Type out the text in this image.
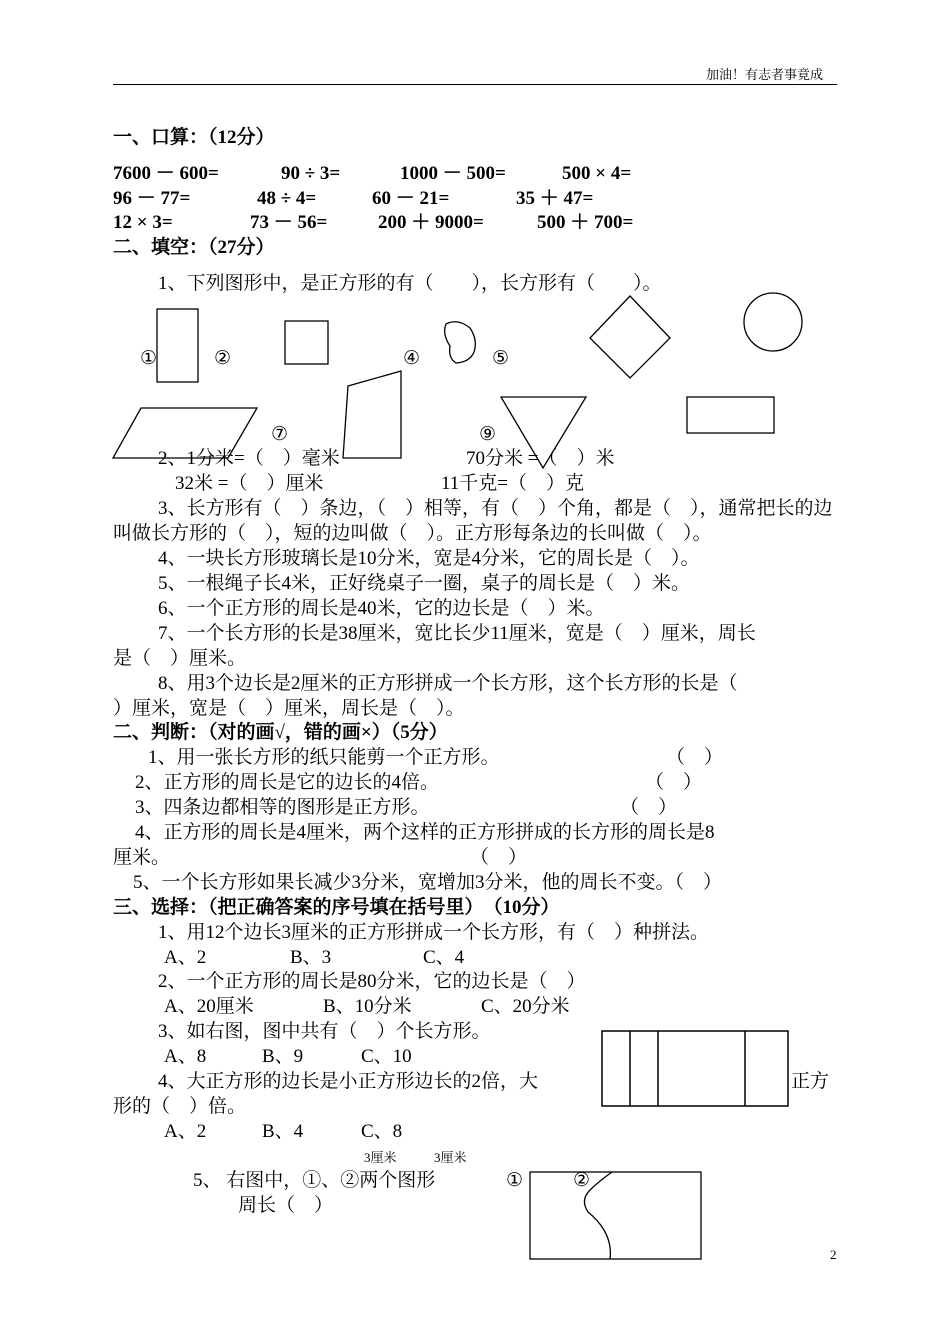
加油！有志者事竟成
一、口算：（12分）
7600 － 600=	90 ÷ 3=	1000 － 500=	500 × 4=
96 － 77=	48 ÷ 4=	60 － 21=	35 ＋ 47=
12 × 3=	73 － 56=	200 ＋ 9000=	500 ＋ 700=
二、填空：（27分）
1、下列图形中，是正方形的有（　　），长方形有（　　）。
①	②	④	⑤
⑦	⑨
2、1分米=（　）毫米	70分米 =（　）米
32米 =（　）厘米	11千克=（　）克
3、长方形有（　）条边，（　）相等，有（　）个角，都是（　），通常把长的边
叫做长方形的（　），短的边叫做（　）。正方形每条边的长叫做（　）。
4、一块长方形玻璃长是10分米，宽是4分米，它的周长是（　）。
5、一根绳子长4米，正好绕桌子一圈，桌子的周长是（　）米。
6、一个正方形的周长是40米，它的边长是（　）米。
7、一个长方形的长是38厘米，宽比长少11厘米，宽是（　）厘米，周长
是（　）厘米。
8、用3个边长是2厘米的正方形拼成一个长方形，这个长方形的长是（
）厘米，宽是（　）厘米，周长是（　）。
二、判断：（对的画√，错的画×）（5分）
1、用一张长方形的纸只能剪一个正方形。	（　）
2、正方形的周长是它的边长的4倍。	（　）
3、四条边都相等的图形是正方形。	（　）
4、正方形的周长是4厘米，两个这样的正方形拼成的长方形的周长是8
厘米。	（　）
5、一个长方形如果长减少3分米，宽增加3分米，他的周长不变。（　）
三、选择：（把正确答案的序号填在括号里）　（10分）
1、用12个边长3厘米的正方形拼成一个长方形，有（　）种拼法。
A、2	B、3	C、4
2、一个正方形的周长是80分米，它的边长是（　）
A、20厘米	B、10分米	C、20分米
3、如右图，图中共有（　）个长方形。
A、8	B、9	C、10
4、大正方形的边长是小正方形边长的2倍，大	正方
形的（　）倍。
A、2	B、4	C、8
3厘米	3厘米
5、 右图中，①、②两个图形	①	②
周长（　）
2
